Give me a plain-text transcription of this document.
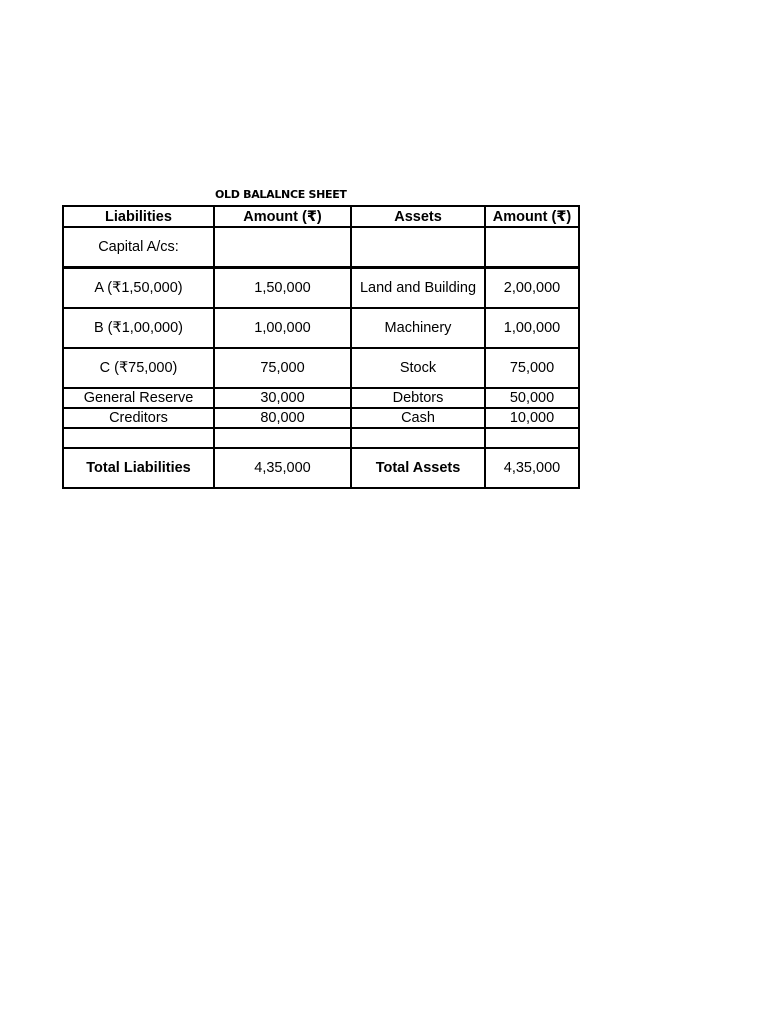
OLD BALALNCE SHEET
Liabilities	Amount (₹)	Assets	Amount (₹)
Capital A/cs:			
A (₹1,50,000)	1,50,000	Land and Building	2,00,000
B (₹1,00,000)	1,00,000	Machinery	1,00,000
C (₹75,000)	75,000	Stock	75,000
General Reserve	30,000	Debtors	50,000
Creditors	80,000	Cash	10,000

Total Liabilities	4,35,000	Total Assets	4,35,000
